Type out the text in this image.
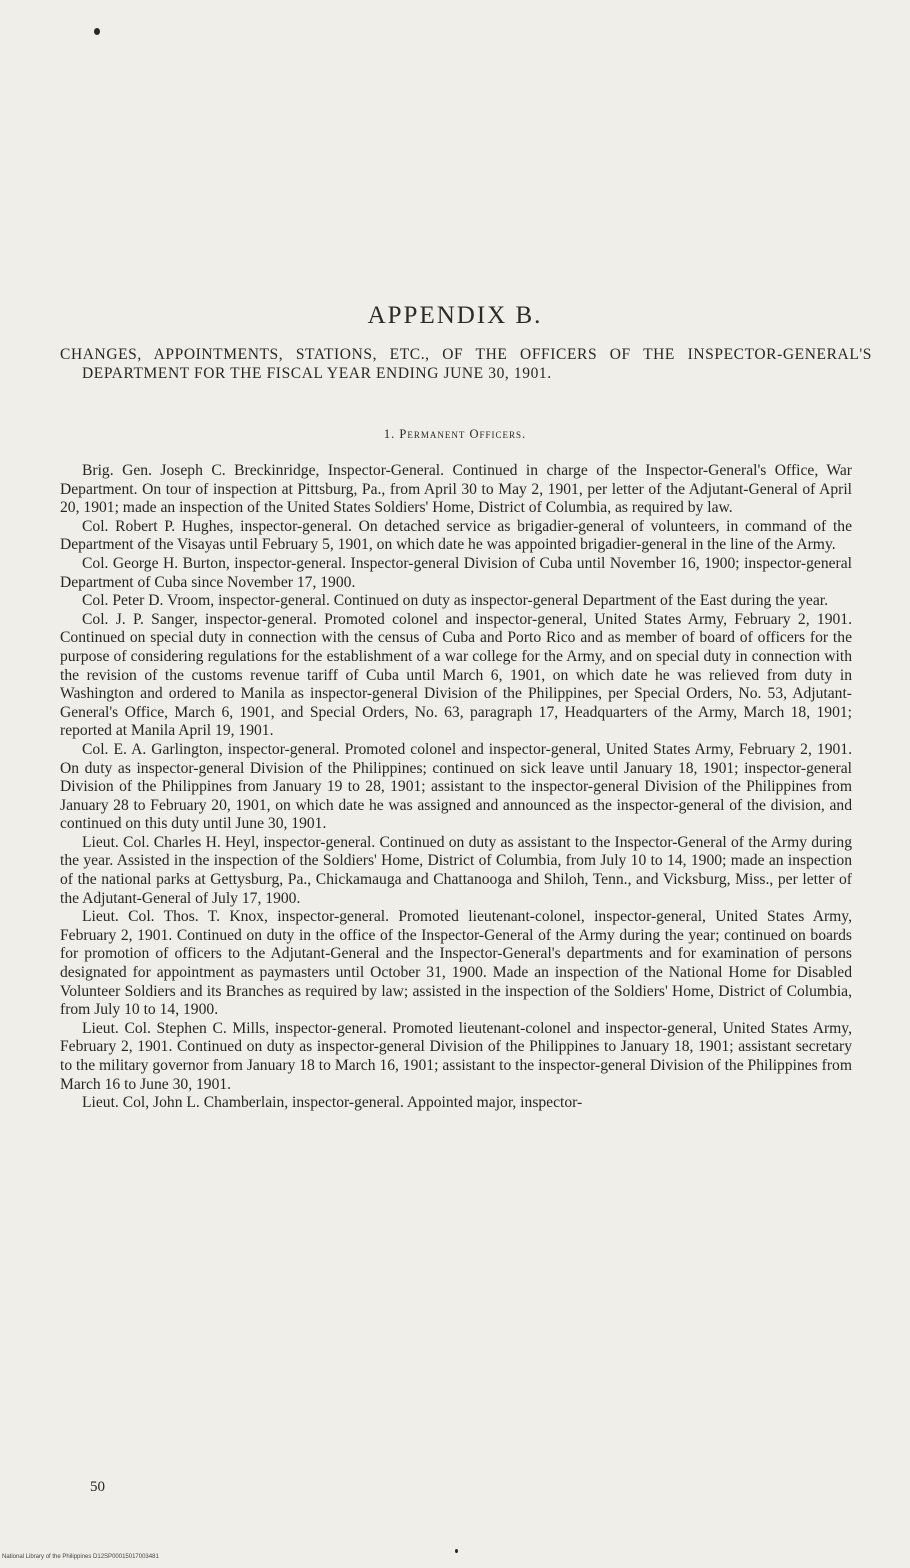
APPENDIX B.
CHANGES, APPOINTMENTS, STATIONS, ETC., OF THE OFFICERS OF THE INSPECTOR-GENERAL'S DEPARTMENT FOR THE FISCAL YEAR ENDING JUNE 30, 1901.
1. Permanent Officers.

Brig. Gen. Joseph C. Breckinridge, Inspector-General. Continued in charge of the Inspector-General's Office, War Department. On tour of inspection at Pittsburg, Pa., from April 30 to May 2, 1901, per letter of the Adjutant-General of April 20, 1901; made an inspection of the United States Soldiers' Home, District of Columbia, as required by law.

Col. Robert P. Hughes, inspector-general. On detached service as brigadier-general of volunteers, in command of the Department of the Visayas until February 5, 1901, on which date he was appointed brigadier-general in the line of the Army.

Col. George H. Burton, inspector-general. Inspector-general Division of Cuba until November 16, 1900; inspector-general Department of Cuba since November 17, 1900.

Col. Peter D. Vroom, inspector-general. Continued on duty as inspector-general Department of the East during the year.

Col. J. P. Sanger, inspector-general. Promoted colonel and inspector-general, United States Army, February 2, 1901. Continued on special duty in connection with the census of Cuba and Porto Rico and as member of board of officers for the purpose of considering regulations for the establishment of a war college for the Army, and on special duty in connection with the revision of the customs revenue tariff of Cuba until March 6, 1901, on which date he was relieved from duty in Washington and ordered to Manila as inspector-general Division of the Philippines, per Special Orders, No. 53, Adjutant-General's Office, March 6, 1901, and Special Orders, No. 63, paragraph 17, Headquarters of the Army, March 18, 1901; reported at Manila April 19, 1901.

Col. E. A. Garlington, inspector-general. Promoted colonel and inspector-general, United States Army, February 2, 1901. On duty as inspector-general Division of the Philippines; continued on sick leave until January 18, 1901; inspector-general Division of the Philippines from January 19 to 28, 1901; assistant to the inspector-general Division of the Philippines from January 28 to February 20, 1901, on which date he was assigned and announced as the inspector-general of the division, and continued on this duty until June 30, 1901.

Lieut. Col. Charles H. Heyl, inspector-general. Continued on duty as assistant to the Inspector-General of the Army during the year. Assisted in the inspection of the Soldiers' Home, District of Columbia, from July 10 to 14, 1900; made an inspection of the national parks at Gettysburg, Pa., Chickamauga and Chattanooga and Shiloh, Tenn., and Vicksburg, Miss., per letter of the Adjutant-General of July 17, 1900.

Lieut. Col. Thos. T. Knox, inspector-general. Promoted lieutenant-colonel, inspector-general, United States Army, February 2, 1901. Continued on duty in the office of the Inspector-General of the Army during the year; continued on boards for promotion of officers to the Adjutant-General and the Inspector-General's departments and for examination of persons designated for appointment as paymasters until October 31, 1900. Made an inspection of the National Home for Disabled Volunteer Soldiers and its Branches as required by law; assisted in the inspection of the Soldiers' Home, District of Columbia, from July 10 to 14, 1900.

Lieut. Col. Stephen C. Mills, inspector-general. Promoted lieutenant-colonel and inspector-general, United States Army, February 2, 1901. Continued on duty as inspector-general Division of the Philippines to January 18, 1901; assistant secretary to the military governor from January 18 to March 16, 1901; assistant to the inspector-general Division of the Philippines from March 16 to June 30, 1901.

Lieut. Col, John L. Chamberlain, inspector-general. Appointed major, inspector-

50
National Library of the Philippines D12SP00015017003481
